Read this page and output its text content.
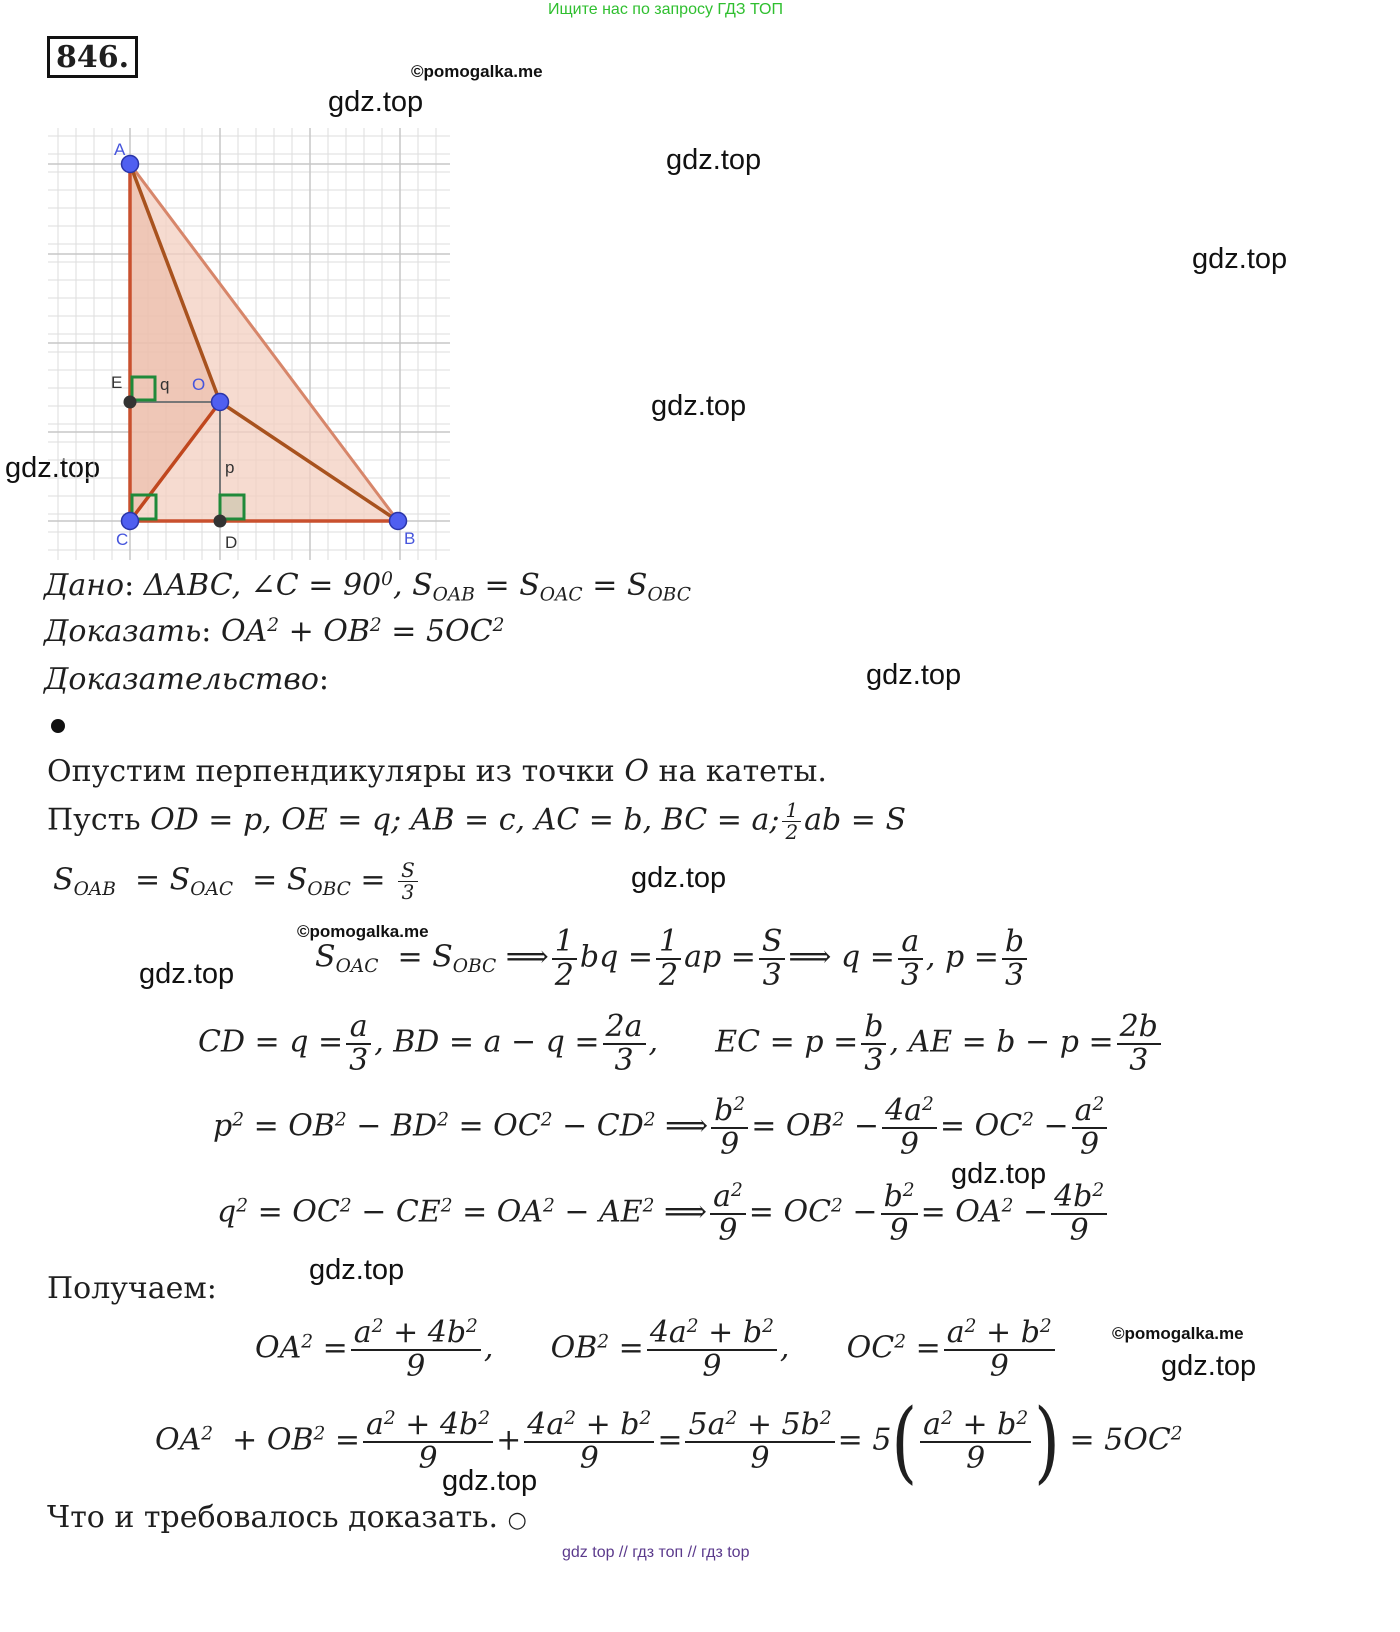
Ищите нас по запросу ГДЗ ТОП
846.	©pomogalka.me
gdz.top
gdz.top
gdz.top
gdz.top
gdz.top
gdz.top
gdz.top
gdz.top
gdz.top
gdz.top
gdz.top
gdz.top
A
O
B
C
E
D
q
p
Дано: ΔABC, ∠C = $90^0$, $S_{OAB} = S_{OAC} = S_{OBC}$
Доказать: $OA^2 + OB^2 = 5OC^2$
Доказательство:
Опустим перпендикуляры из точки O на катеты.
Пусть OD = p, OE = q; AB = c, AC = b, BC = a; $\frac{1}{2}$ ab = S
$S_{OAB} = S_{OAC} = S_{OBC} = \frac{S}{3}$
©pomogalka.me
$S_{OAC} = S_{OBC}$ ⟹ $\frac{1}{2}$ bq = $\frac{1}{2}$ ap = $\frac{S}{3}$ ⟹ $q = \frac{a}{3}$ , $p = \frac{b}{3}$
CD = $q = \frac{a}{3}$ , BD = $a - q = \frac{2a}{3}$ ,      EC = $p = \frac{b}{3}$ , AE = $b - p = \frac{2b}{3}$
$p^2 = OB^2 - BD^2 = OC^2 - CD^2$ ⟹ $\frac{b^2}{9} = OB^2 - \frac{4a^2}{9} = OC^2 - \frac{a^2}{9}$
$q^2 = OC^2 - CE^2 = OA^2 - AE^2$ ⟹ $\frac{a^2}{9} = OC^2 - \frac{b^2}{9} = OA^2 - \frac{4b^2}{9}$
Получаем:
$OA^2 = \frac{a^2 + 4b^2}{9}$ ,      $OB^2 = \frac{4a^2 + b^2}{9}$ ,      $OC^2 = \frac{a^2 + b^2}{9}$	©pomogalka.me
$OA^2 + OB^2 = \frac{a^2 + 4b^2}{9} + \frac{4a^2 + b^2}{9} = \frac{5a^2 + 5b^2}{9} = 5( \frac{a^2 + b^2}{9}$ ) = $5OC^2$
Что и требовалось доказать. ○
gdz top // гдз топ // гдз top
